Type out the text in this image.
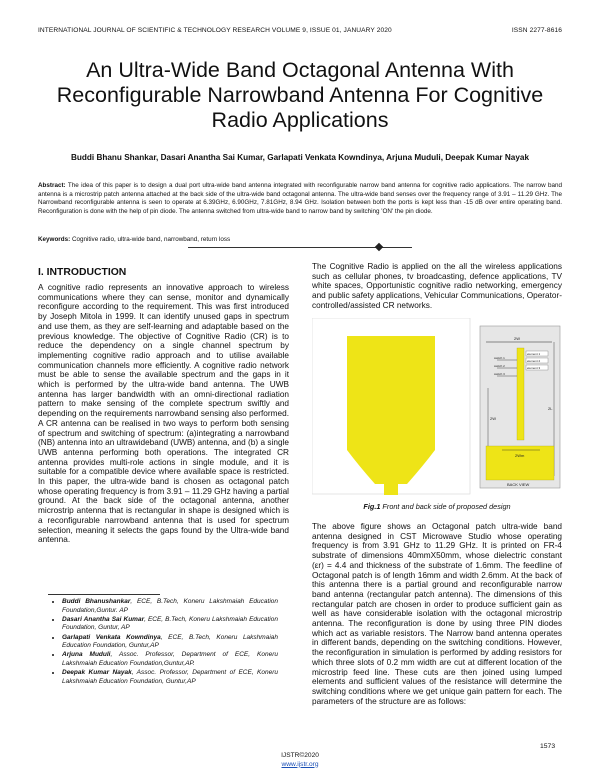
INTERNATIONAL JOURNAL OF SCIENTIFIC & TECHNOLOGY RESEARCH VOLUME 9, ISSUE 01, JANUARY 2020	ISSN 2277-8616
An Ultra-Wide Band Octagonal Antenna With Reconfigurable Narrowband Antenna For Cognitive Radio Applications
Buddi Bhanu Shankar, Dasari Anantha Sai Kumar, Garlapati Venkata Kowndinya, Arjuna Muduli, Deepak Kumar Nayak
Abstract: The idea of this paper is to design a dual port ultra-wide band antenna integrated with reconfigurable narrow band antenna for cognitive radio applications. The narrow band antenna is a microstrip patch antenna attached at the back side of the ultra-wide band octagonal antenna. The ultra-wide band senses over the frequency range of 3.91 – 11.29 GHz. The Narrowband reconfigurable antenna is seen to operate at 6.39GHz, 6.90GHz, 7.81GHz, 8.94 GHz. Isolation between both the ports is kept less than -15 dB over entire operating band. Reconfiguration is done with the help of pin diode. The antenna switched from ultra-wide band to narrow band by switching 'ON' the pin diode.
Keywords: Cognitive radio, ultra-wide band, narrowband, return loss
I. INTRODUCTION

A cognitive radio represents an innovative approach to wireless communications where they can sense, monitor and dynamically reconfigure according to the requirement. This was first introduced by Joseph Mitola in 1999. It can identify unused gaps in spectrum and use them, as they are self-learning and adaptable based on the previous knowledge. The objective of Cognitive Radio (CR) is to reduce the dependency on a single channel spectrum by implementing cognitive radio approach and to utilise available communication channels more efficiently. A cognitive radio network must be able to sense the available spectrum and the gaps in it which is performed by the ultra-wide band antenna. The UWB antenna has larger bandwidth with an omni-directional radiation pattern to make sensing of the complete spectrum swiftly and depending on the requirements narrowband sensing also performed. A CR antenna can be realised in two ways to perform both sensing of spectrum and switching of spectrum: (a)integrating a narrowband (NB) antenna into an ultrawideband (UWB) antenna, and (b) a single UWB antenna performing both operations. The integrated CR antenna provides multi-role actions in single module, and it is suitable for a compatible device where available space is restricted. In this paper, the ultra-wide band is chosen as octagonal patch whose operating frequency is from 3.91 – 11.29 GHz having a partial ground. At the back side of the octagonal antenna, another microstrip antenna that is rectangular in shape is designed which is a reconfigurable narrowband antenna that is used for spectrum selection, meaning it selects the gaps found by the Ultra-wide band antenna.

The Cognitive Radio is applied on the all the wireless applications such as cellular phones, tv broadcasting, defence applications, TV white spaces, Opportunistic cognitive radio networking, emergency and public safety applications, Vehicular Communications, Operator-controlled/assisted CR networks.

2W
switch 1
switch 2
switch 3
element 1
element 2
element 3
2W
2L
2Wm
BACK VIEW
Fig.1 Front and back side of proposed design

The above figure shows an Octagonal patch ultra-wide band antenna designed in CST Microwave Studio whose operating frequency is from 3.91 GHz to 11.29 GHz. It is printed on FR-4 substrate of dimensions 40mmX50mm, whose dielectric constant (εr) = 4.4 and thickness of the substrate of 1.6mm. The feedline of Octagonal patch is of length 16mm and width 2.6mm. At the back of this antenna there is a partial ground and reconfigurable narrow band antenna (rectangular patch antenna). The dimensions of this rectangular patch are chosen in order to produce sufficient gain as well as have considerable isolation with the octagonal microstrip antenna. The reconfiguration is done by using three PIN diodes which act as variable resistors. The Narrow band antenna operates in different bands, depending on the switching conditions. However, the reconfiguration in simulation is performed by adding resistors for which three slots of 0.2 mm width are cut at different location of the microstrip feed line. These cuts are then joined using lumped elements and sufficient values of the resistance will determine the switching conditions where we get unique gain pattern for each. The parameters of the structure are as follows:

• Buddi Bhanushankar, ECE, B.Tech, Koneru Lakshmaiah Education Foundation,Guntur. AP
• Dasari Anantha Sai Kumar, ECE, B.Tech, Koneru Lakshmaiah Education Foundation, Guntur, AP
• Garlapati Venkata Kowndinya, ECE, B.Tech, Koneru Lakshmaiah Education Foundation, Guntur,AP
• Arjuna Muduli, Assoc. Professor, Department of ECE, Koneru Lakshmaiah Education Foundation,Guntur,AP.
• Deepak Kumar Nayak, Assoc. Professor, Department of ECE, Koneru Lakshmaiah Education Foundation, Guntur,AP
1573
IJSTR©2020
www.ijstr.org
